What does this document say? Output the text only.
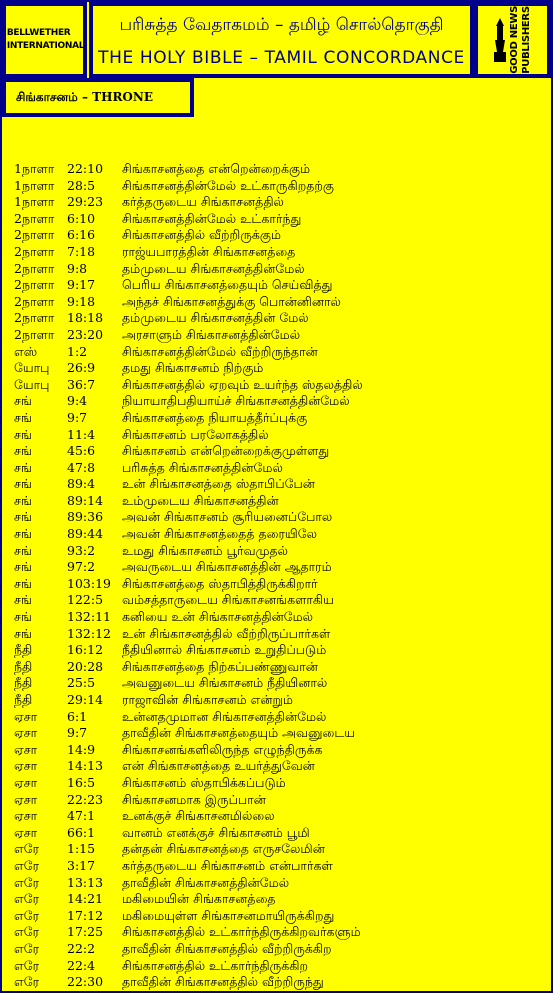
BELLWETHER
INTERNATIONAL
பரிசுத்த வேதாகமம் – தமிழ் சொல்தொகுதி
THE HOLY BIBLE – TAMIL CONCORDANCE	GOOD NEWS
PUBLISHERS
சிங்காசனம் – THRONE
1நாளா 22:10 சிங்காசனத்தை என்றென்றைக்கும்
1நாளா 28:5 சிங்காசனத்தின்மேல் உட்காருகிறதற்கு
1நாளா 29:23 கர்த்தருடைய சிங்காசனத்தில்
2நாளா 6:10 சிங்காசனத்தின்மேல் உட்கார்ந்து
2நாளா 6:16 சிங்காசனத்தில் வீற்றிருக்கும்
2நாளா 7:18 ராஜ்யபாரத்தின் சிங்காசனத்தை
2நாளா 9:8	தம்முடைய சிங்காசனத்தின்மேல்
2நாளா 9:17 பெரிய சிங்காசனத்தையும் செய்வித்து
2நாளா 9:18 அந்தச் சிங்காசனத்துக்கு பொன்னினால்
2நாளா 18:18 தம்முடைய சிங்காசனத்தின் மேல்
2நாளா 23:20 அரசாளும் சிங்காசனத்தின்மேல்
எஸ் 1:2	சிங்காசனத்தின்மேல் வீற்றிருந்தான்
யோபு 26:9 தமது சிங்காசனம் நிற்கும்
யோபு 36:7 சிங்காசனத்தில் ஏறவும் உயர்ந்த ஸ்தலத்தில்
சங்	9:4	நியாயாதிபதியாய்ச் சிங்காசனத்தின்மேல்
சங்	9:7	சிங்காசனத்தை நியாயத்தீர்ப்புக்கு
சங்	11:4 சிங்காசனம் பரலோகத்தில்
சங்	45:6 சிங்காசனம் என்றென்றைக்குமுள்ளது
சங்	47:8 பரிசுத்த சிங்காசனத்தின்மேல்
சங்	89:4 உன் சிங்காசனத்தை ஸ்தாபிப்பேன்
சங்	89:14 உம்முடைய சிங்காசனத்தின்
சங்	89:36 அவன் சிங்காசனம் சூரியனைப்போல
சங்	89:44 அவன் சிங்காசனத்தைத் தரையிலே
சங்	93:2 உமது சிங்காசனம் பூர்வமுதல்
சங்	97:2 அவருடைய சிங்காசனத்தின் ஆதாரம்
சங்	103:19 சிங்காசனத்தை ஸ்தாபித்திருக்கிறார்
சங்	122:5 வம்சத்தாருடைய சிங்காசனங்களாகிய
சங்	132:11 கனியை உன் சிங்காசனத்தின்மேல்
சங்	132:12 உன் சிங்காசனத்தில் வீற்றிருப்பார்கள்
நீதி	16:12 நீதியினால் சிங்காசனம் உறுதிப்படும்
நீதி	20:28 சிங்காசனத்தை நிற்கப்பண்ணுவான்
நீதி	25:5 அவனுடைய சிங்காசனம் நீதியினால்
நீதி	29:14 ராஜாவின் சிங்காசனம் என்றும்
ஏசா 6:1	உன்னதமுமான சிங்காசனத்தின்மேல்
ஏசா 9:7	தாவீதின் சிங்காசனத்தையும் அவனுடைய
ஏசா 14:9 சிங்காசனங்களிலிருந்த எழுந்திருக்க
ஏசா 14:13 என் சிங்காசனத்தை உயர்த்துவேன்
ஏசா 16:5 சிங்காசனம் ஸ்தாபிக்கப்படும்
ஏசா 22:23 சிங்காசனமாக இருப்பான்
ஏசா 47:1 உனக்குச் சிங்காசனமில்லை
ஏசா 66:1 வானம் எனக்குச் சிங்காசனம் பூமி
எரே 1:15 தன்தன் சிங்காசனத்தை எருசலேமின்
எரே 3:17 கர்த்தருடைய சிங்காசனம் என்பார்கள்
எரே 13:13 தாவீதின் சிங்காசனத்தின்மேல்
எரே 14:21 மகிமையின் சிங்காசனத்தை
எரே 17:12 மகிமையுள்ள சிங்காசனமாயிருக்கிறது
எரே 17:25 சிங்காசனத்தில் உட்கார்ந்திருக்கிறவர்களும்
எரே 22:2 தாவீதின் சிங்காசனத்தில் வீற்றிருக்கிற
எரே 22:4 சிங்காசனத்தில் உட்கார்ந்திருக்கிற
எரே 22:30 தாவீதின் சிங்காசனத்தில் வீற்றிருந்து
